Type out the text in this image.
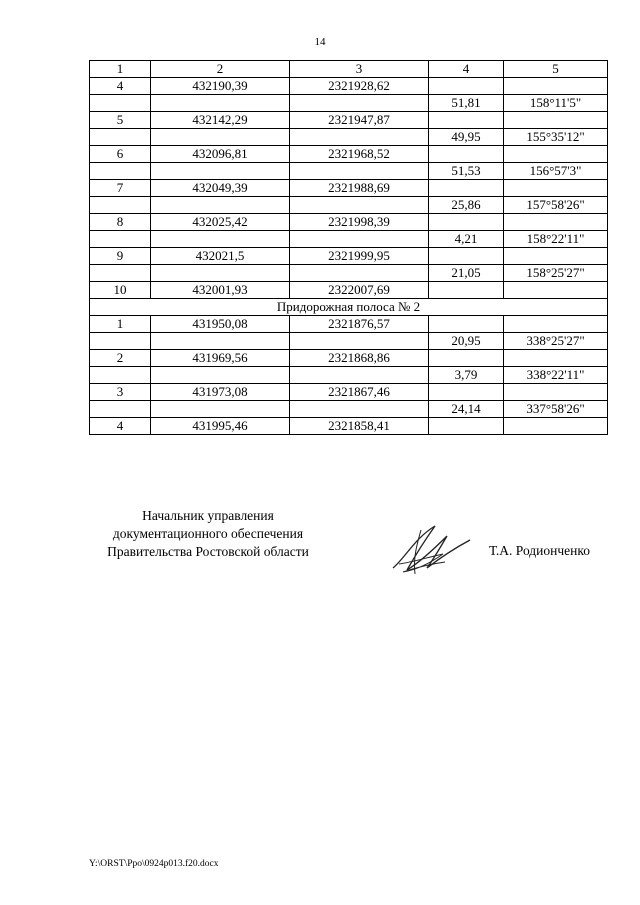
14
1	2	3	4	5
4	432190,39	2321928,62		
			51,81	158°11'5"
5	432142,29	2321947,87		
			49,95	155°35'12"
6	432096,81	2321968,52		
			51,53	156°57'3"
7	432049,39	2321988,69		
			25,86	157°58'26"
8	432025,42	2321998,39		
			4,21	158°22'11"
9	432021,5	2321999,95		
			21,05	158°25'27"
10	432001,93	2322007,69		
Придорожная полоса № 2				
1	431950,08	2321876,57		
			20,95	338°25'27"
2	431969,56	2321868,86		
			3,79	338°22'11"
3	431973,08	2321867,46		
			24,14	337°58'26"
4	431995,46	2321858,41		
Начальник управления
документационного обеспечения
Правительства Ростовской области	Т.А. Родионченко
Y:\ORST\Ppo\0924p013.f20.docx
